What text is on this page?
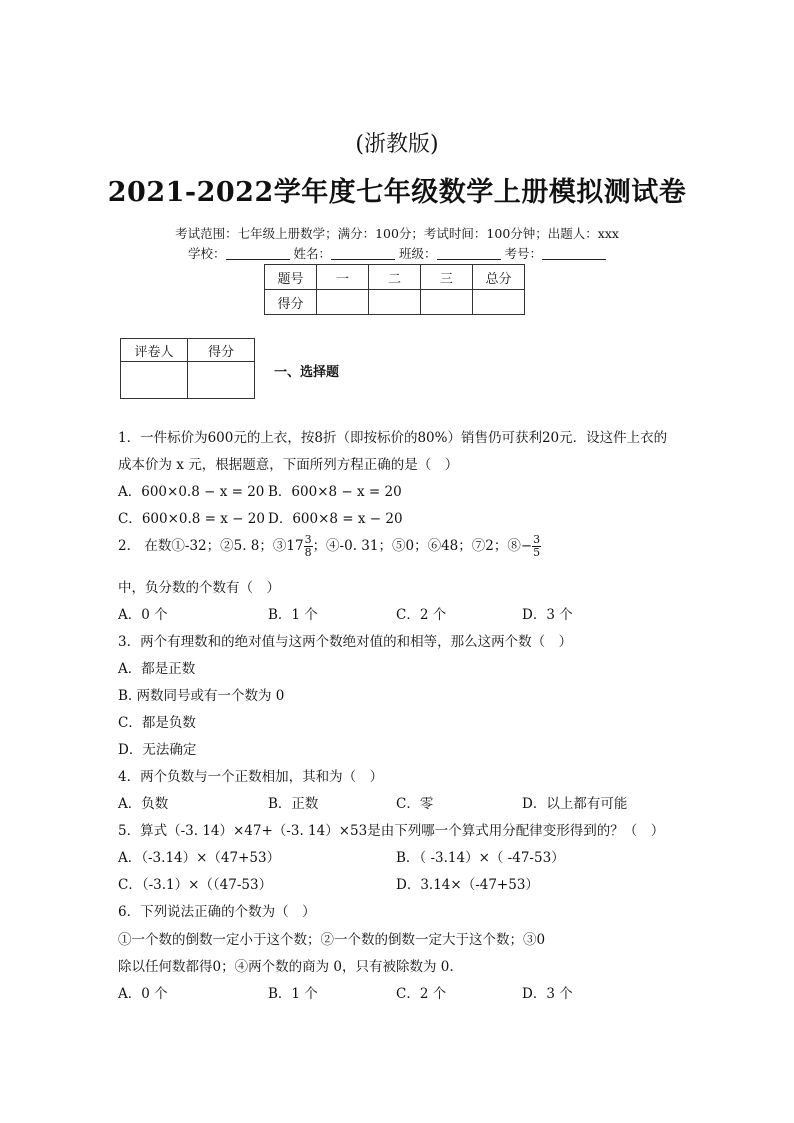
(浙教版)
2021-2022学年度七年级数学上册模拟测试卷
考试范围：七年级上册数学；满分：100分；考试时间：100分钟；出题人：xxx
学校：	姓名：	班级：	考号：
题号	一	二	三	总分
得分				
评卷人	得分

一、选择题
1．一件标价为600元的上衣，按8折（即按标价的80%）销售仍可获利20元．设这件上衣的
成本价为 x 元，根据题意，下面所列方程正确的是（　）
A．600×0.8 − x = 20 B．600×8 − x = 20
C．600×0.8 = x − 20 D．600×8 = x − 20
2． 在数①-32；②5. 8；③17 $\frac{3}{8}$ ；④-0. 31；⑤0；⑥48；⑦2；⑧− $\frac{3}{5}$
中，负分数的个数有（　）
A．0 个	B．1 个	C．2 个	D．3 个
3．两个有理数和的绝对值与这两个数绝对值的和相等，那么这两个数（　）
A．都是正数
B. 两数同号或有一个数为 0
C．都是负数
D．无法确定
4．两个负数与一个正数相加，其和为（　）
A．负数	B．正数	C．零	D．以上都有可能
5．算式（-3. 14）×47+（-3. 14）×53是由下列哪一个算式用分配律变形得到的？（　）
A．（-3.14）×（47+53）	B．（ -3.14）×（ -47-53）
C．（-3.1）×（（47-53）	D．3.14×（-47+53）
6．下列说法正确的个数为（　）
①一个数的倒数一定小于这个数；②一个数的倒数一定大于这个数；③0
除以任何数都得0；④两个数的商为 0，只有被除数为 0.
A．0 个	B．1 个	C．2 个	D．3 个
